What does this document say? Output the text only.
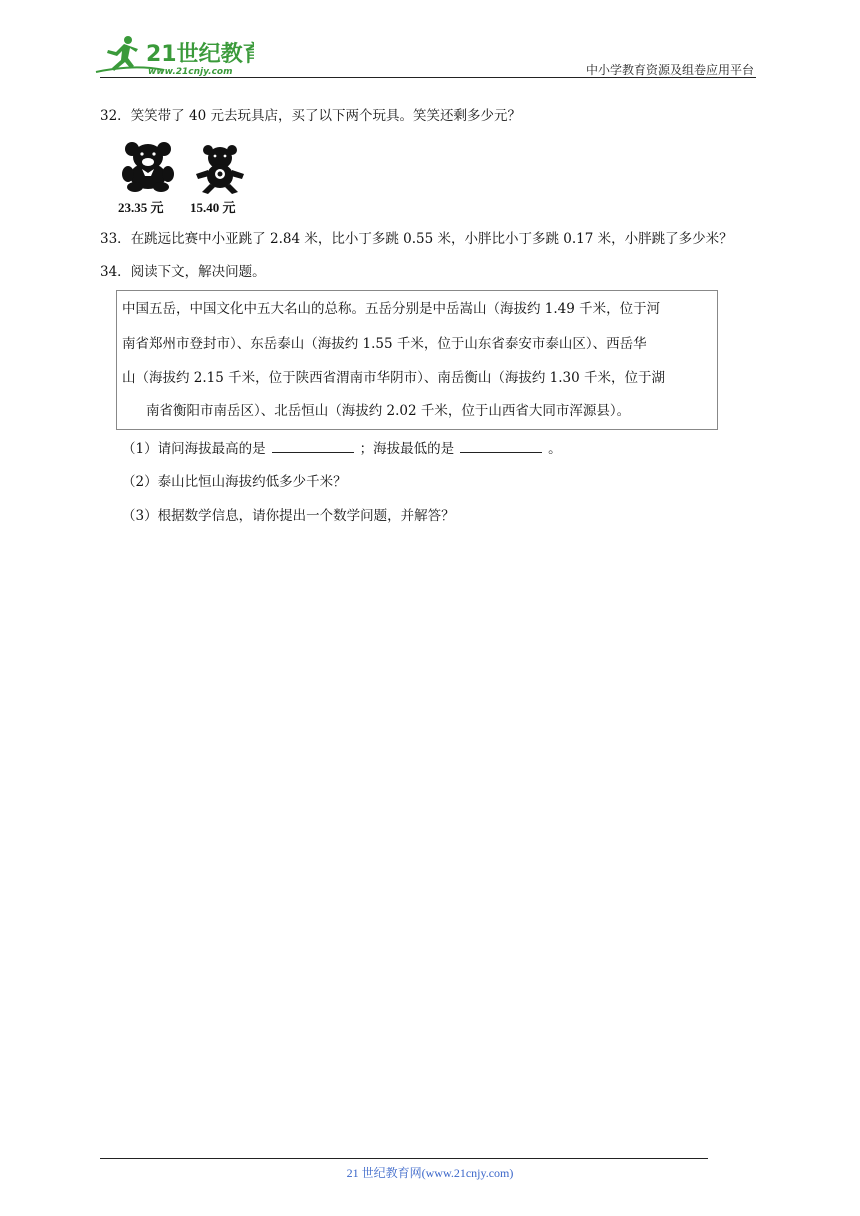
21世纪教育
www.21cnjy.com	中小学教育资源及组卷应用平台
32．笑笑带了 40 元去玩具店，买了以下两个玩具。笑笑还剩多少元？
23.35 元 15.40 元
33．在跳远比赛中小亚跳了 2.84 米，比小丁多跳 0.55 米，小胖比小丁多跳 0.17 米，小胖跳了多少米？
34．阅读下文，解决问题。
中国五岳，中国文化中五大名山的总称。五岳分别是中岳嵩山（海拔约 1.49 千米，位于河
南省郑州市登封市）、东岳泰山（海拔约 1.55 千米，位于山东省泰安市泰山区）、西岳华
山（海拔约 2.15 千米，位于陕西省渭南市华阴市）、南岳衡山（海拔约 1.30 千米，位于湖
南省衡阳市南岳区）、北岳恒山（海拔约 2.02 千米，位于山西省大同市浑源县）。
（1）请问海拔最高的是	；海拔最低的是	。
（2）泰山比恒山海拔约低多少千米？
（3）根据数学信息，请你提出一个数学问题，并解答？
21 世纪教育网(www.21cnjy.com)
